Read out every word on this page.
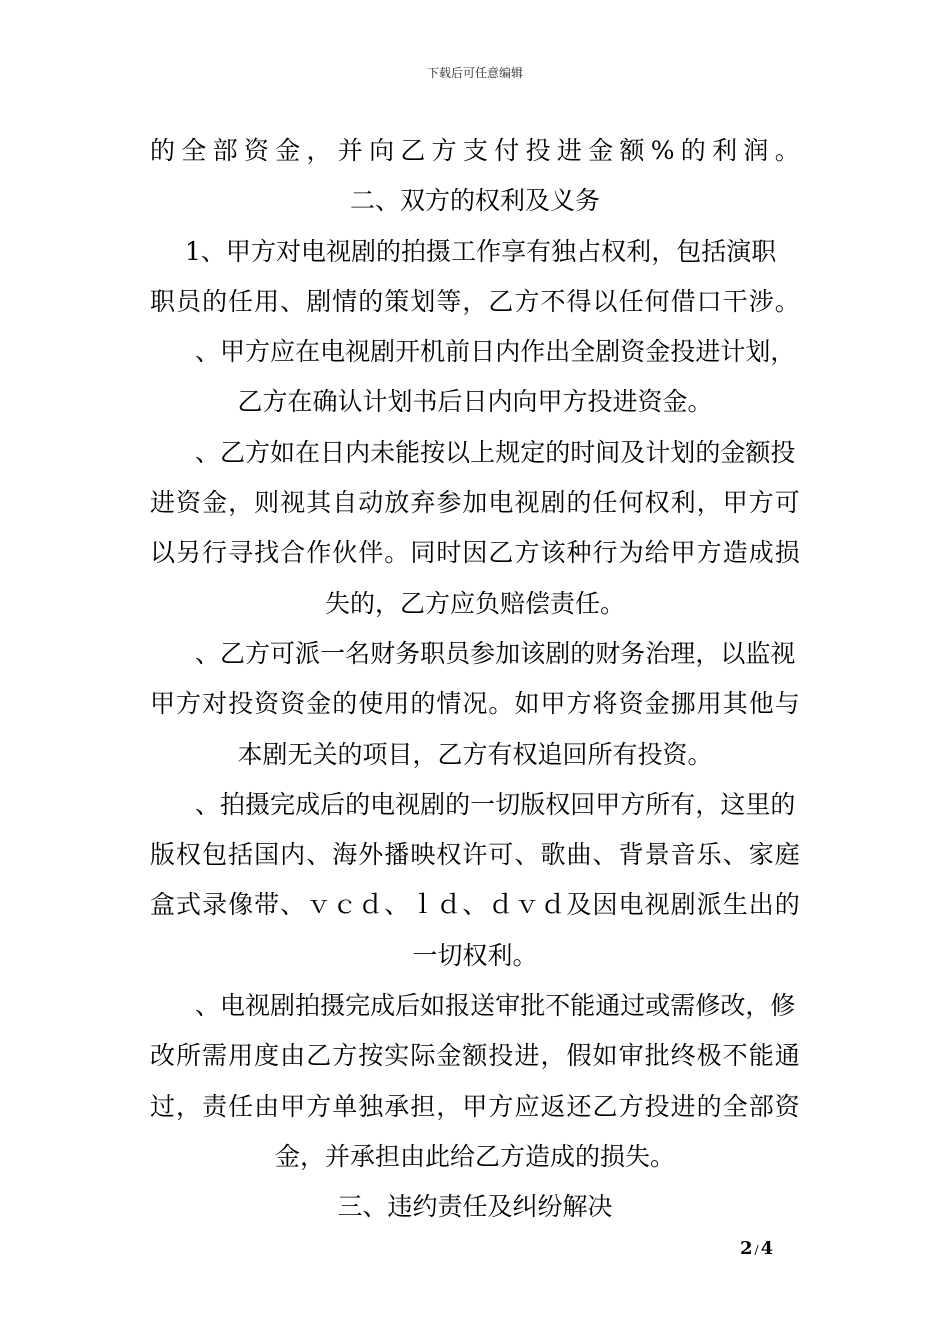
下载后可任意编辑
的 全 部 资 金 ， 并 向 乙 方 支 付 投 进 金 额 % 的 利 润 。
二、双方的权利及义务
1 、 甲 方 对 电 视 剧 的 拍 摄 工 作 享 有 独 占 权 利 ， 包 括 演 职
职 员 的 任 用 、 剧 情 的 策 划 等 ， 乙 方 不 得 以 任 何 借 口 干 涉 。
、 甲 方 应 在 电 视 剧 开 机 前 日 内 作 出 全 剧 资 金 投 进 计 划 ，
乙方在确认计划书后日内向甲方投进资金。
、 乙 方 如 在 日 内 未 能 按 以 上 规 定 的 时 间 及 计 划 的 金 额 投
进 资 金 ， 则 视 其 自 动 放 弃 参 加 电 视 剧 的 任 何 权 利 ， 甲 方 可
以 另 行 寻 找 合 作 伙 伴 。 同 时 因 乙 方 该 种 行 为 给 甲 方 造 成 损
失的，乙方应负赔偿责任。
、 乙 方 可 派 一 名 财 务 职 员 参 加 该 剧 的 财 务 治 理 ， 以 监 视
甲 方 对 投 资 资 金 的 使 用 的 情 况 。 如 甲 方 将 资 金 挪 用 其 他 与
本剧无关的项目，乙方有权追回所有投资。
、 拍 摄 完 成 后 的 电 视 剧 的 一 切 版 权 回 甲 方 所 有 ， 这 里 的
版 权 包 括 国 内 、 海 外 播 映 权 许 可 、 歌 曲 、 背 景 音 乐 、 家 庭
盒 式 录 像 带 、 ｖ ｃ ｄ 、 ｌ ｄ 、 ｄ ｖ ｄ 及 因 电 视 剧 派 生 出 的
一切权利。
、 电 视 剧 拍 摄 完 成 后 如 报 送 审 批 不 能 通 过 或 需 修 改 ， 修
改 所 需 用 度 由 乙 方 按 实 际 金 额 投 进 ， 假 如 审 批 终 极 不 能 通
过 ， 责 任 由 甲 方 单 独 承 担 ， 甲 方 应 返 还 乙 方 投 进 的 全 部 资
金，并承担由此给乙方造成的损失。
三、违约责任及纠纷解决
2 / 4
